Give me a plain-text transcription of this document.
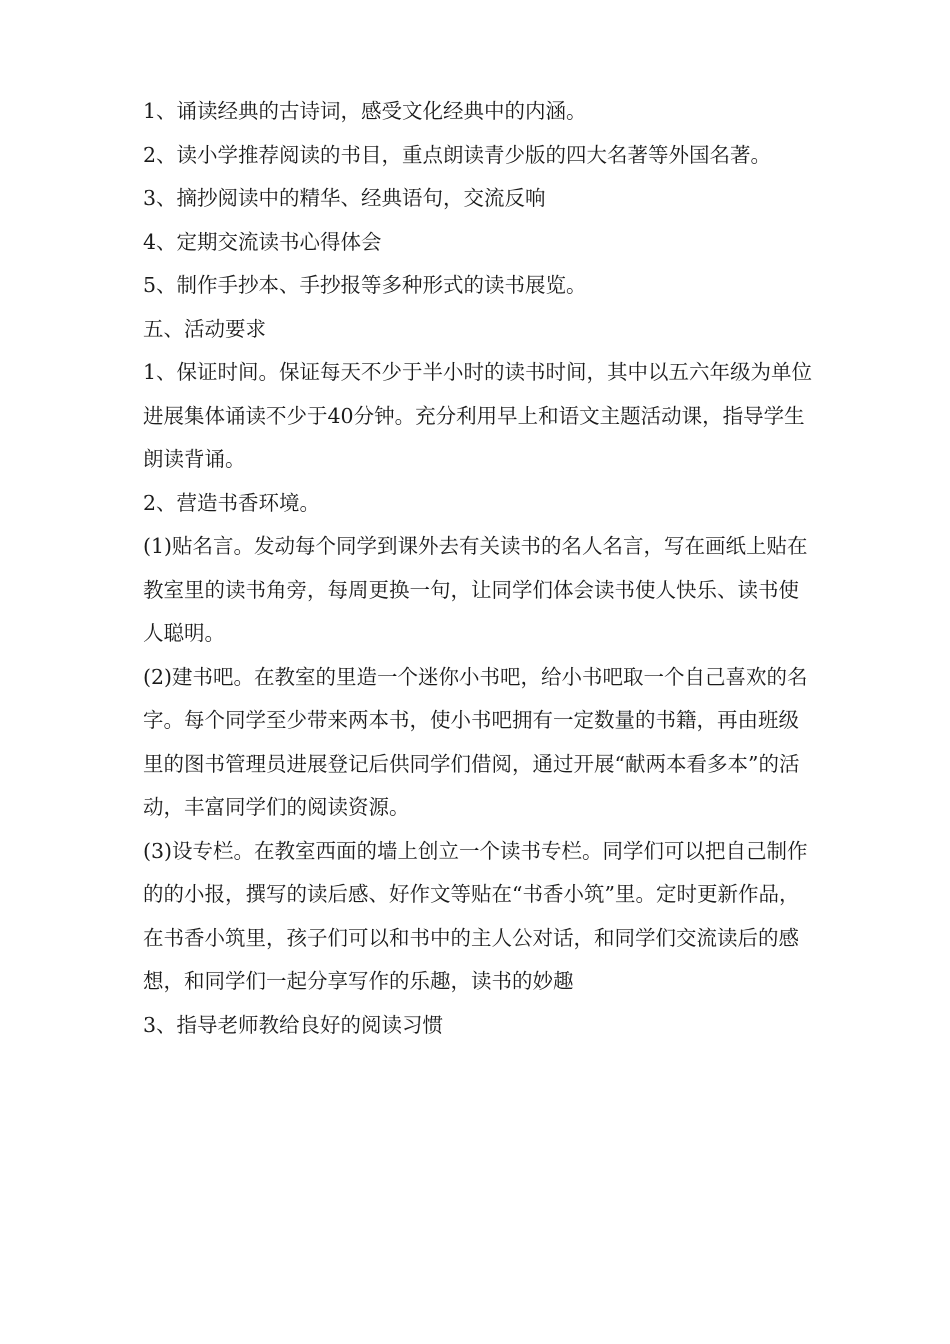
1、诵读经典的古诗词，感受文化经典中的内涵。

2、读小学推荐阅读的书目，重点朗读青少版的四大名著等外国名著。

3、摘抄阅读中的精华、经典语句，交流反响

4、定期交流读书心得体会

5、制作手抄本、手抄报等多种形式的读书展览。

五、活动要求

1、保证时间。保证每天不少于半小时的读书时间，其中以五六年级为单位进展集体诵读不少于40分钟。充分利用早上和语文主题活动课，指导学生朗读背诵。

2、营造书香环境。

(1)贴名言。发动每个同学到课外去有关读书的名人名言，写在画纸上贴在教室里的读书角旁，每周更换一句，让同学们体会读书使人快乐、读书使人聪明。

(2)建书吧。在教室的里造一个迷你小书吧，给小书吧取一个自己喜欢的名字。每个同学至少带来两本书，使小书吧拥有一定数量的书籍，再由班级里的图书管理员进展登记后供同学们借阅，通过开展“献两本看多本”的活动，丰富同学们的阅读资源。

(3)设专栏。在教室西面的墙上创立一个读书专栏。同学们可以把自己制作的的小报，撰写的读后感、好作文等贴在“书香小筑”里。定时更新作品，在书香小筑里，孩子们可以和书中的主人公对话，和同学们交流读后的感想，和同学们一起分享写作的乐趣，读书的妙趣

3、指导老师教给良好的阅读习惯
